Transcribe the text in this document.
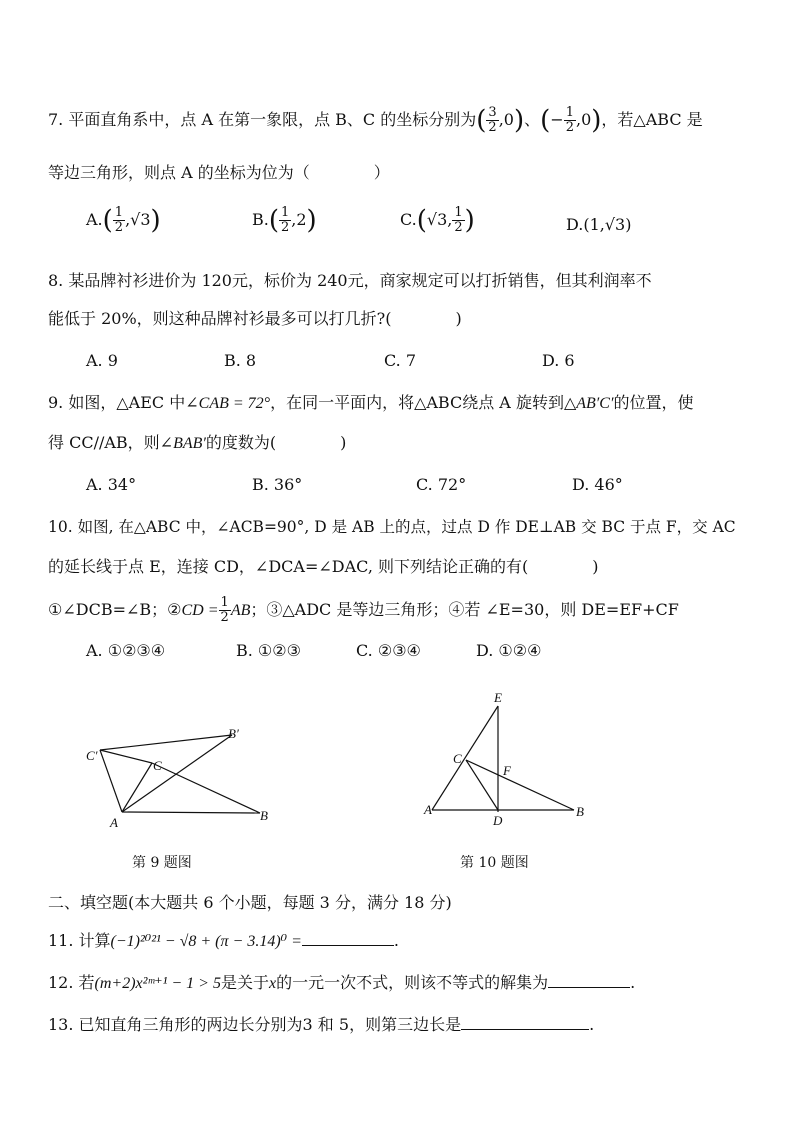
7. 平面直角系中，点 A 在第一象限，点 B、C 的坐标分别为( $\frac{3}{2} ,0$)、(− $\frac{1}{2} ,0$)，若△ABC 是
等边三角形，则点 A 的坐标为位为（　　　　）
$A.( \frac{1}{2} ,√3)$	$B.( \frac{1}{2} ,2)$	C.(√3, $\frac{1}{2}$ )	D.(1,√3)
8. 某品牌衬衫进价为 120元，标价为 240元，商家规定可以打折销售，但其利润率不
能低于 20%，则这种品牌衬衫最多可以打几折?(　　　　)
A. 9	B. 8	C. 7	D. 6
9. 如图，△AEC 中∠CAB = 72°，在同一平面内，将△ABC绕点 A 旋转到△AB′C′的位置，使
得 CC//AB，则∠BAB′的度数为(　　　　)
A. 34°	B. 36°	C. 72°	D. 46°
10. 如图, 在△ABC 中，∠ACB=90°, D 是 AB 上的点，过点 D 作 DE⊥AB 交 BC 于点 F，交 AC
的延长线于点 E，连接 CD，∠DCA=∠DAC, 则下列结论正确的有(　　　　)
①∠DCB=∠B；②CD = $\frac{1}{2}$ AB；③△ADC 是等边三角形；④若 ∠E=30，则 DE=EF+CF
A. ①②③④	B. ①②③	C. ②③④	D. ①②④
C′
B′
C
A	B
E
C
F
A
D
B
第 9 题图	第 10 题图
二、填空题(本大题共 6 个小题，每题 3 分，满分 18 分)
11. 计算(−1)²⁰²¹ − √8 + (π − 3.14)⁰ =	.
12. 若(m+2)x²ᵐ⁺¹ − 1 > 5是关于x的一元一次不式，则该不等式的解集为	.
13. 已知直角三角形的两边长分别为3 和 5，则第三边长是	.
